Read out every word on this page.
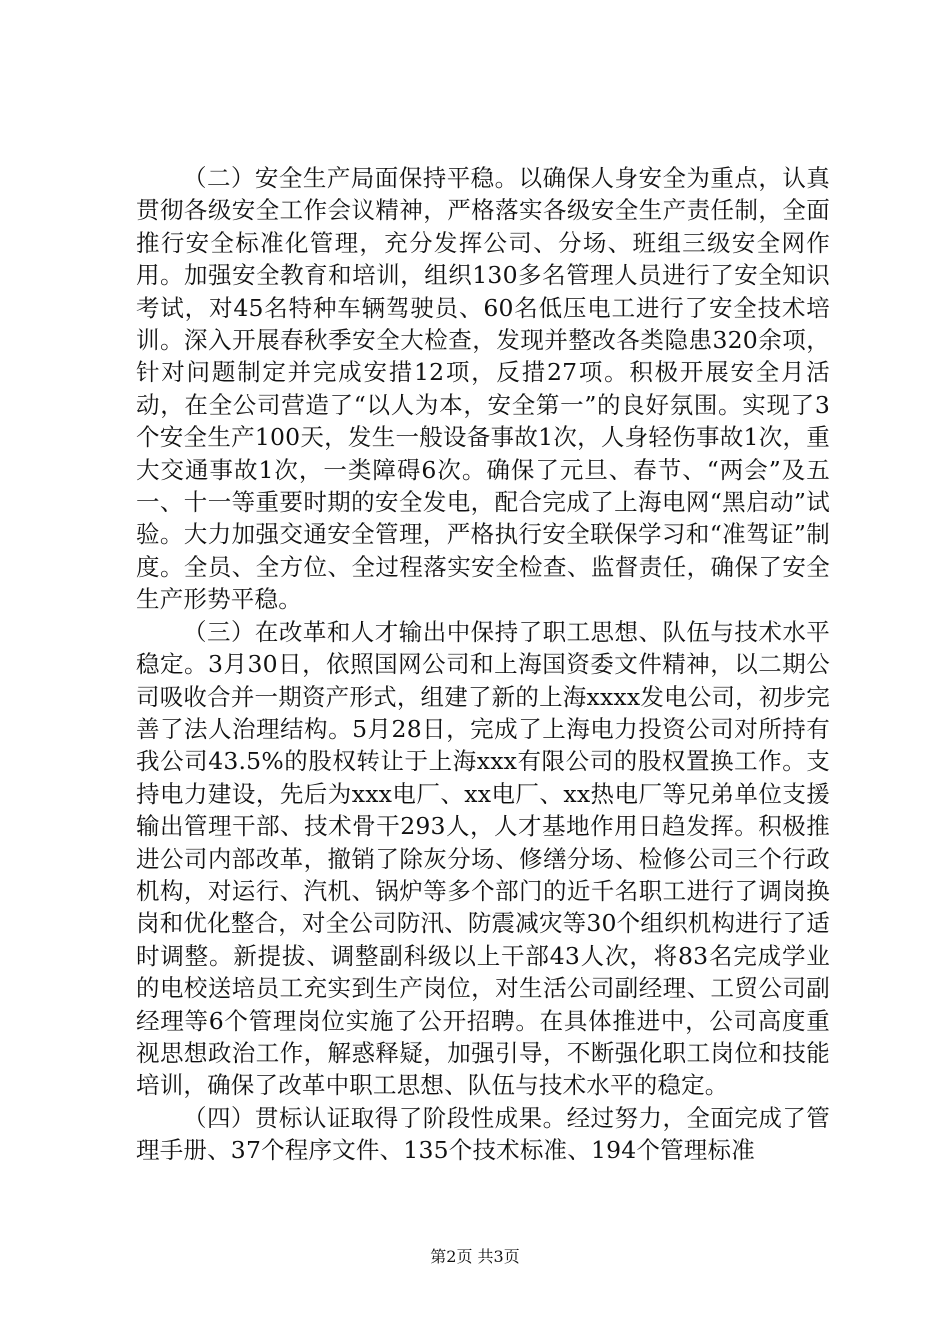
（二）安全生产局面保持平稳。以确保人身安全为重点，认真贯彻各级安全工作会议精神，严格落实各级安全生产责任制，全面推行安全标准化管理，充分发挥公司、分场、班组三级安全网作用。加强安全教育和培训，组织130多名管理人员进行了安全知识考试，对45名特种车辆驾驶员、60名低压电工进行了安全技术培训。深入开展春秋季安全大检查，发现并整改各类隐患320余项，针对问题制定并完成安措12项，反措27项。积极开展安全月活动，在全公司营造了“以人为本，安全第一”的良好氛围。实现了3个安全生产100天，发生一般设备事故1次，人身轻伤事故1次，重大交通事故1次，一类障碍6次。确保了元旦、春节、“两会”及五一、十一等重要时期的安全发电，配合完成了上海电网“黑启动”试验。大力加强交通安全管理，严格执行安全联保学习和“准驾证”制度。全员、全方位、全过程落实安全检查、监督责任，确保了安全生产形势平稳。

（三）在改革和人才输出中保持了职工思想、队伍与技术水平稳定。3月30日，依照国网公司和上海国资委文件精神，以二期公司吸收合并一期资产形式，组建了新的上海xxxx发电公司，初步完善了法人治理结构。5月28日，完成了上海电力投资公司对所持有我公司43.5%的股权转让于上海xxx有限公司的股权置换工作。支持电力建设，先后为xxx电厂、xx电厂、xx热电厂等兄弟单位支援输出管理干部、技术骨干293人，人才基地作用日趋发挥。积极推进公司内部改革，撤销了除灰分场、修缮分场、检修公司三个行政机构，对运行、汽机、锅炉等多个部门的近千名职工进行了调岗换岗和优化整合，对全公司防汛、防震减灾等30个组织机构进行了适时调整。新提拔、调整副科级以上干部43人次，将83名完成学业的电校送培员工充实到生产岗位，对生活公司副经理、工贸公司副经理等6个管理岗位实施了公开招聘。在具体推进中，公司高度重视思想政治工作，解惑释疑，加强引导，不断强化职工岗位和技能培训，确保了改革中职工思想、队伍与技术水平的稳定。

（四）贯标认证取得了阶段性成果。经过努力，全面完成了管理手册、37个程序文件、135个技术标准、194个管理标准

第2页 共3页
